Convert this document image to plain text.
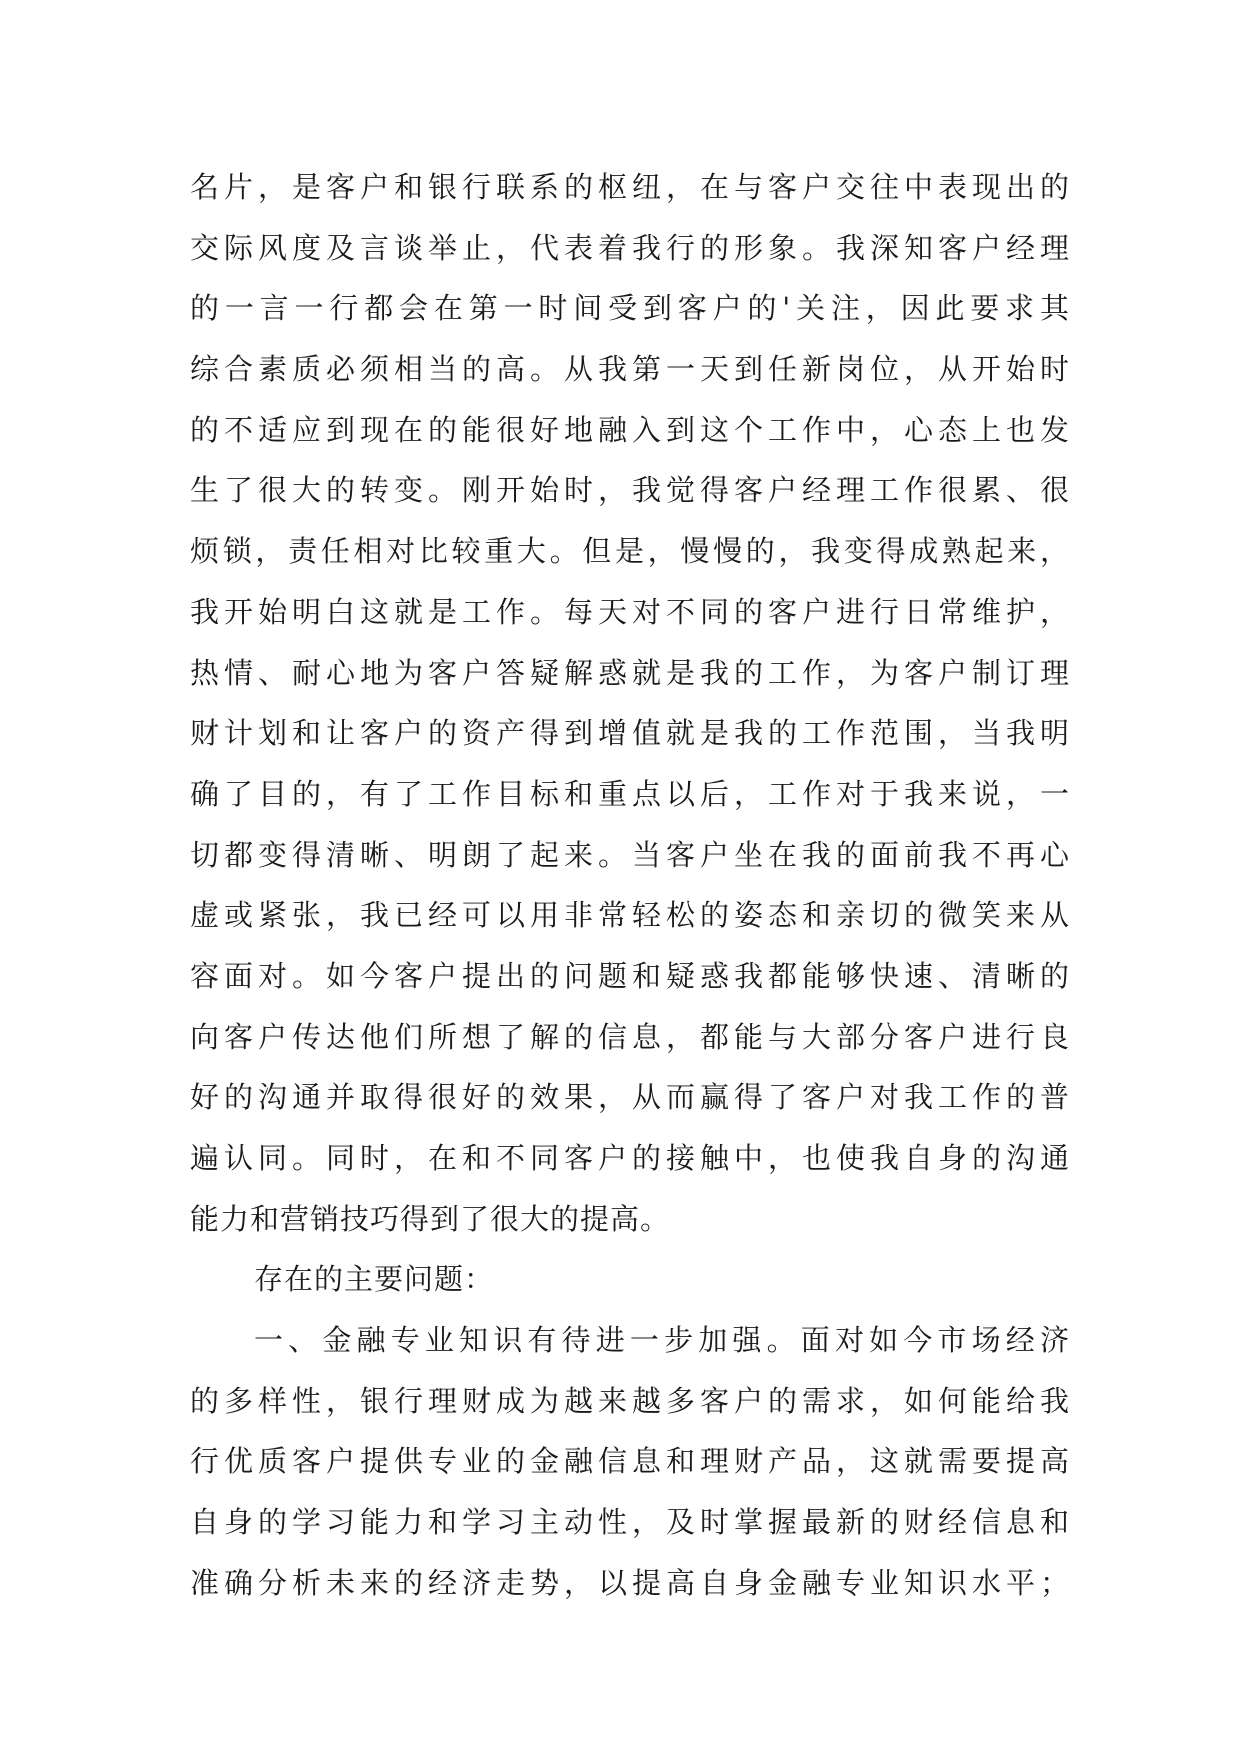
名片，是客户和银行联系的枢纽，在与客户交往中表现出的
交际风度及言谈举止，代表着我行的形象。我深知客户经理
的一言一行都会在第一时间受到客户的'关注，因此要求其
综合素质必须相当的高。从我第一天到任新岗位，从开始时
的不适应到现在的能很好地融入到这个工作中，心态上也发
生了很大的转变。刚开始时，我觉得客户经理工作很累、很
烦锁，责任相对比较重大。但是，慢慢的，我变得成熟起来，
我开始明白这就是工作。每天对不同的客户进行日常维护，
热情、耐心地为客户答疑解惑就是我的工作，为客户制订理
财计划和让客户的资产得到增值就是我的工作范围，当我明
确了目的，有了工作目标和重点以后，工作对于我来说，一
切都变得清晰、明朗了起来。当客户坐在我的面前我不再心
虚或紧张，我已经可以用非常轻松的姿态和亲切的微笑来从
容面对。如今客户提出的问题和疑惑我都能够快速、清晰的
向客户传达他们所想了解的信息，都能与大部分客户进行良
好的沟通并取得很好的效果，从而赢得了客户对我工作的普
遍认同。同时，在和不同客户的接触中，也使我自身的沟通
能力和营销技巧得到了很大的提高。
存在的主要问题：
一、金融专业知识有待进一步加强。面对如今市场经济
的多样性，银行理财成为越来越多客户的需求，如何能给我
行优质客户提供专业的金融信息和理财产品，这就需要提高
自身的学习能力和学习主动性，及时掌握最新的财经信息和
准确分析未来的经济走势，以提高自身金融专业知识水平；
